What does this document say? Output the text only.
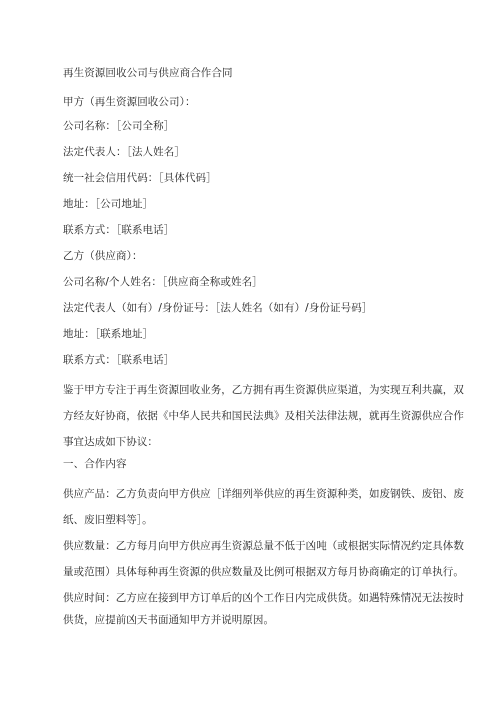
再生资源回收公司与供应商合作合同
甲方（再生资源回收公司）：
公司名称：［公司全称］
法定代表人：［法人姓名］
统一社会信用代码：［具体代码］
地址：［公司地址］
联系方式：［联系电话］
乙方（供应商）：
公司名称/个人姓名：［供应商全称或姓名］
法定代表人（如有）/身份证号：［法人姓名（如有）/身份证号码］
地址：［联系地址］
联系方式：［联系电话］
鉴于甲方专注于再生资源回收业务，乙方拥有再生资源供应渠道，为实现互利共赢，双
方经友好协商，依据《中华人民共和国民法典》及相关法律法规，就再生资源供应合作
事宜达成如下协议：
一、合作内容
供应产品：乙方负责向甲方供应［详细列举供应的再生资源种类，如废钢铁、废铝、废
纸、废旧塑料等］。
供应数量：乙方每月向甲方供应再生资源总量不低于凶吨（或根据实际情况约定具体数
量或范围）具体每种再生资源的供应数量及比例可根据双方每月协商确定的订单执行。
供应时间：乙方应在接到甲方订单后的凶个工作日内完成供货。如遇特殊情况无法按时
供货，应提前凶天书面通知甲方并说明原因。
